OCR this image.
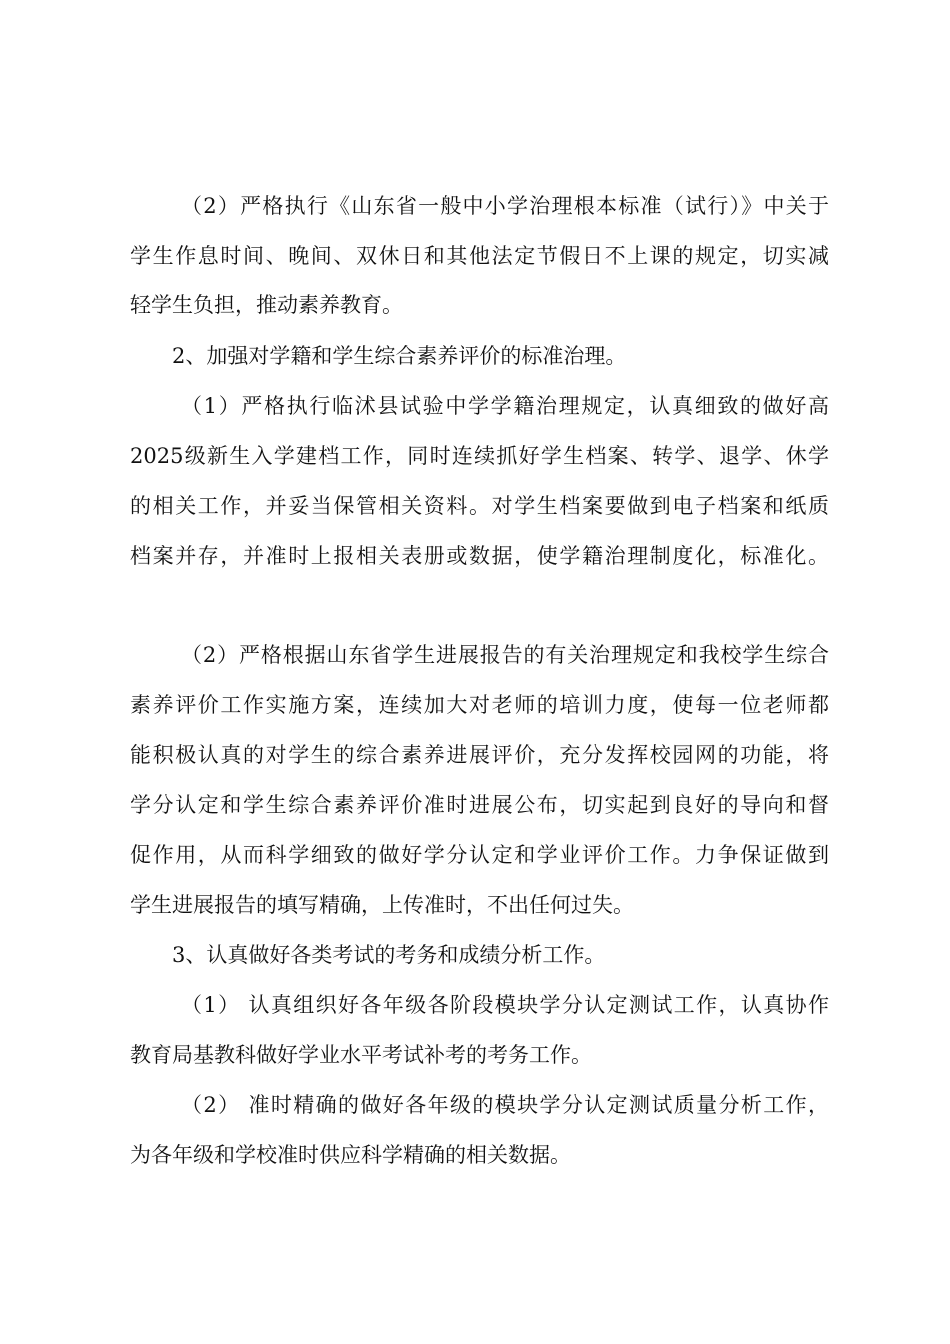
（2）严格执行《山东省一般中小学治理根本标准（试行）》中关于
学生作息时间、晚间、双休日和其他法定节假日不上课的规定，切实减
轻学生负担，推动素养教育。
2、加强对学籍和学生综合素养评价的标准治理。
（1）严格执行临沭县试验中学学籍治理规定，认真细致的做好高
2025级新生入学建档工作，同时连续抓好学生档案、转学、退学、休学
的相关工作，并妥当保管相关资料。对学生档案要做到电子档案和纸质
档案并存，并准时上报相关表册或数据，使学籍治理制度化，标准化。
（2）严格根据山东省学生进展报告的有关治理规定和我校学生综合
素养评价工作实施方案，连续加大对老师的培训力度，使每一位老师都
能积极认真的对学生的综合素养进展评价，充分发挥校园网的功能，将
学分认定和学生综合素养评价准时进展公布，切实起到良好的导向和督
促作用，从而科学细致的做好学分认定和学业评价工作。力争保证做到
学生进展报告的填写精确，上传准时，不出任何过失。
3、认真做好各类考试的考务和成绩分析工作。
（1） 认真组织好各年级各阶段模块学分认定测试工作，认真协作
教育局基教科做好学业水平考试补考的考务工作。
（2） 准时精确的做好各年级的模块学分认定测试质量分析工作，
为各年级和学校准时供应科学精确的相关数据。
